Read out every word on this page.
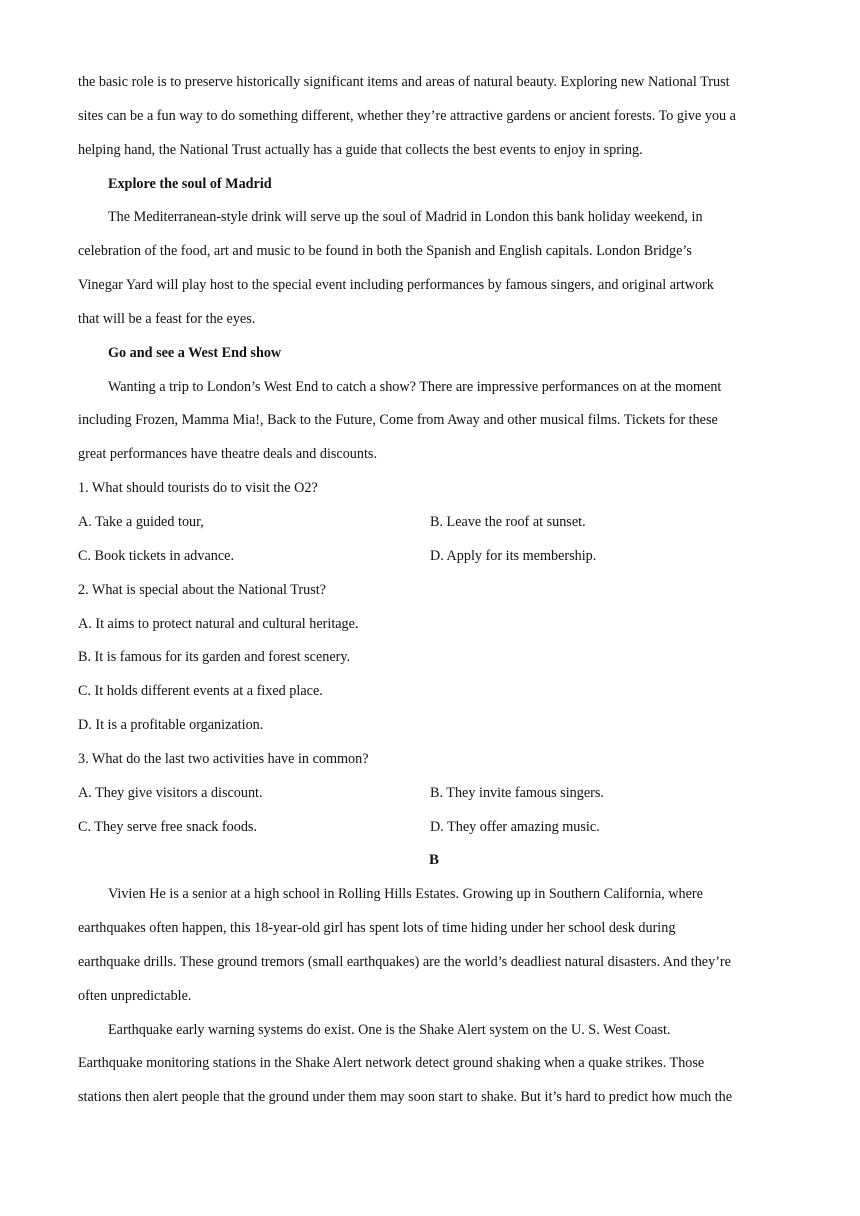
the basic role is to preserve historically significant items and areas of natural beauty. Exploring new National Trust
sites can be a fun way to do something different, whether they’re attractive gardens or ancient forests. To give you a
helping hand, the National Trust actually has a guide that collects the best events to enjoy in spring.
Explore the soul of Madrid
The Mediterranean-style drink will serve up the soul of Madrid in London this bank holiday weekend, in
celebration of the food, art and music to be found in both the Spanish and English capitals. London Bridge’s
Vinegar Yard will play host to the special event including performances by famous singers, and original artwork
that will be a feast for the eyes.
Go and see a West End show
Wanting a trip to London’s West End to catch a show? There are impressive performances on at the moment
including Frozen, Mamma Mia!, Back to the Future, Come from Away and other musical films. Tickets for these
great performances have theatre deals and discounts.
1. What should tourists do to visit the O2?
A. Take a guided tour,	B. Leave the roof at sunset.
C. Book tickets in advance.	D. Apply for its membership.
2. What is special about the National Trust?
A. It aims to protect natural and cultural heritage.
B. It is famous for its garden and forest scenery.
C. It holds different events at a fixed place.
D. It is a profitable organization.
3. What do the last two activities have in common?
A. They give visitors a discount.	B. They invite famous singers.
C. They serve free snack foods.	D. They offer amazing music.
B
Vivien He is a senior at a high school in Rolling Hills Estates. Growing up in Southern California, where
earthquakes often happen, this 18-year-old girl has spent lots of time hiding under her school desk during
earthquake drills. These ground tremors (small earthquakes) are the world’s deadliest natural disasters. And they’re
often unpredictable.
Earthquake early warning systems do exist. One is the Shake Alert system on the U. S. West Coast.
Earthquake monitoring stations in the Shake Alert network detect ground shaking when a quake strikes. Those
stations then alert people that the ground under them may soon start to shake. But it’s hard to predict how much the
